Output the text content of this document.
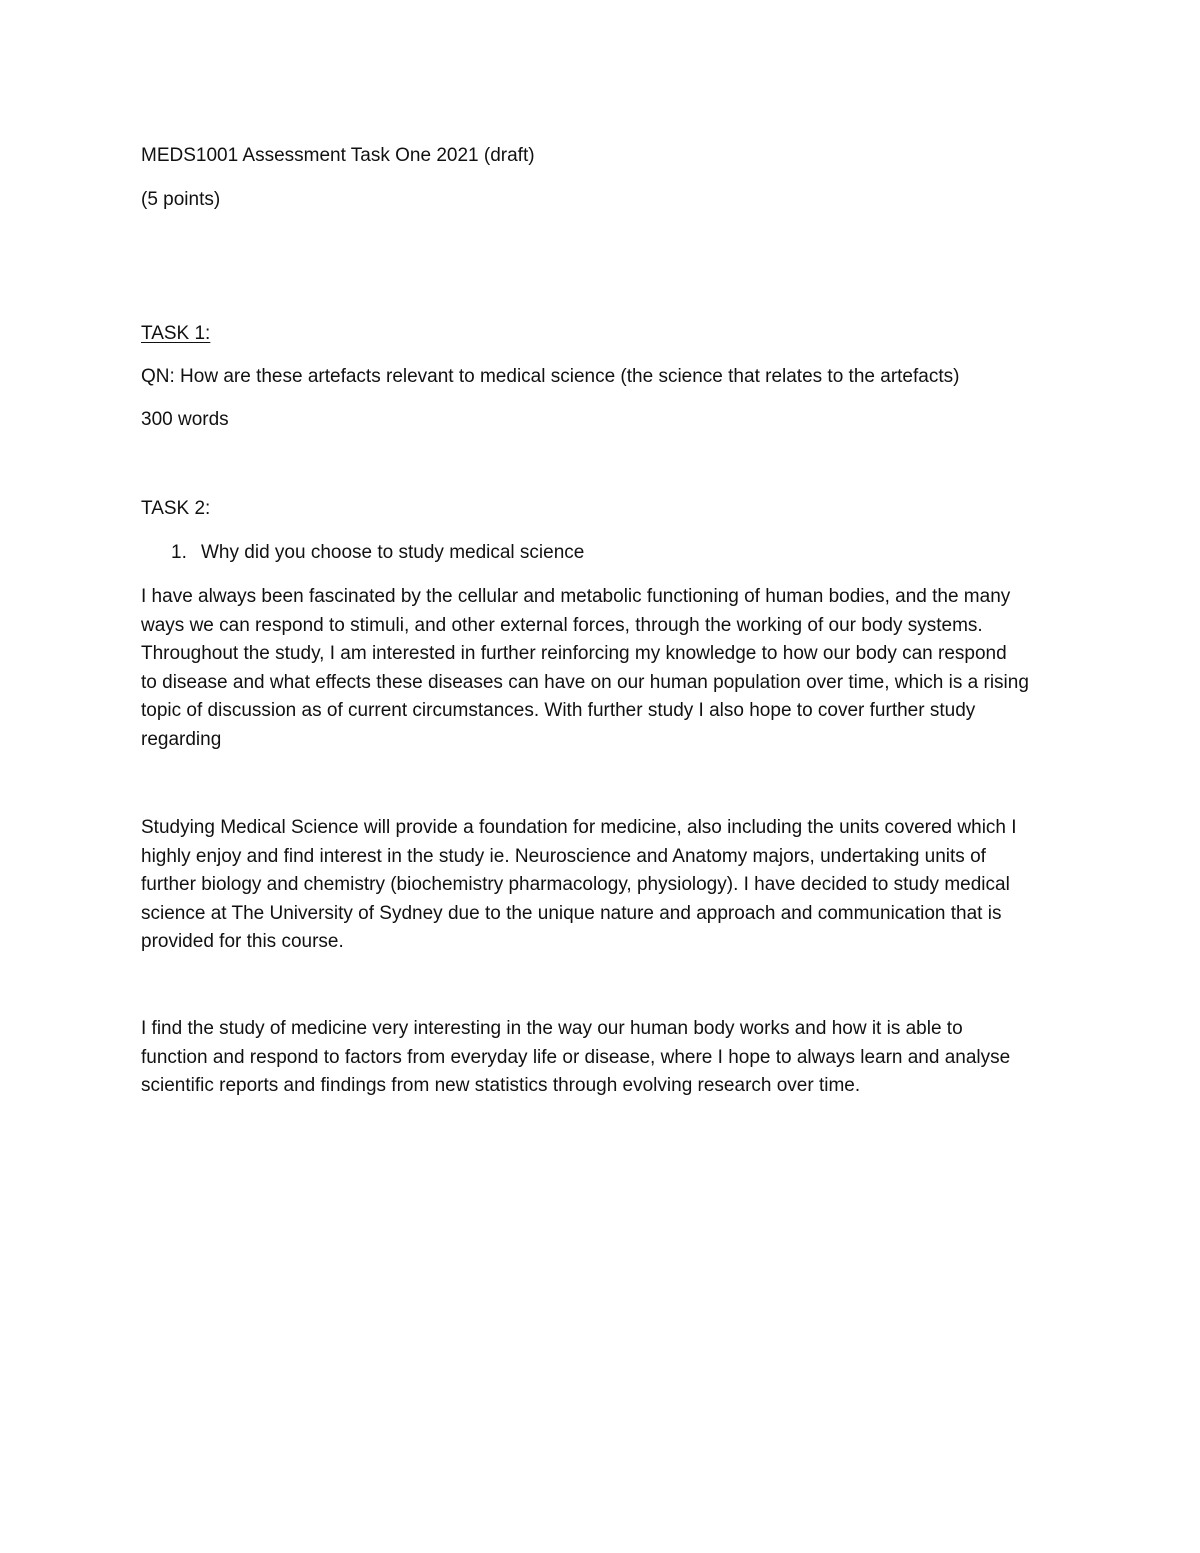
MEDS1001 Assessment Task One 2021 (draft)

(5 points)

TASK 1:

QN: How are these artefacts relevant to medical science (the science that relates to the artefacts)

300 words

TASK 2:

1. Why did you choose to study medical science

I have always been fascinated by the cellular and metabolic functioning of human bodies, and the many
ways we can respond to stimuli, and other external forces, through the working of our body systems.
Throughout the study, I am interested in further reinforcing my knowledge to how our body can respond
to disease and what effects these diseases can have on our human population over time, which is a rising
topic of discussion as of current circumstances. With further study I also hope to cover further study
regarding
Studying Medical Science will provide a foundation for medicine, also including the units covered which I
highly enjoy and find interest in the study ie. Neuroscience and Anatomy majors, undertaking units of
further biology and chemistry (biochemistry pharmacology, physiology). I have decided to study medical
science at The University of Sydney due to the unique nature and approach and communication that is
provided for this course.
I find the study of medicine very interesting in the way our human body works and how it is able to
function and respond to factors from everyday life or disease, where I hope to always learn and analyse
scientific reports and findings from new statistics through evolving research over time.
